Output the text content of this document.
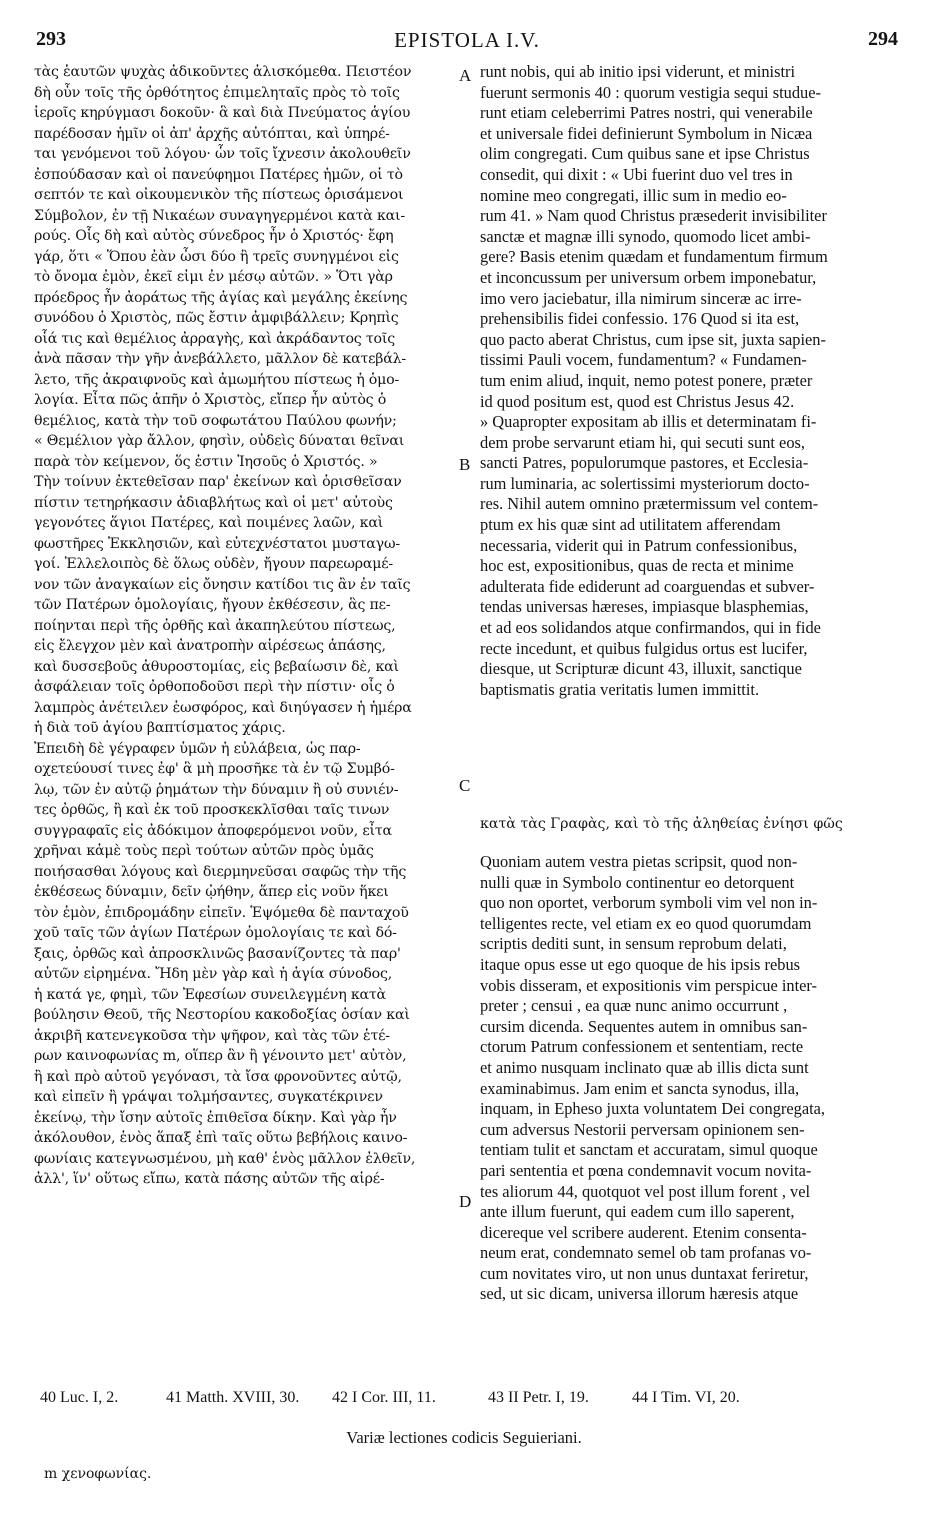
293	EPISTOLA I.V.	294
τὰς ἑαυτῶν ψυχὰς ἀδικοῦντες ἁλισκόμεθα. Πειστέον
δὴ οὖν τοῖς τῆς ὀρθότητος ἐπιμεληταῖς πρὸς τὸ τοῖς
ἱεροῖς κηρύγμασι δοκοῦν· ἃ καὶ διὰ Πνεύματος ἁγίου
παρέδοσαν ἡμῖν οἱ ἀπ' ἀρχῆς αὐτόπται, καὶ ὑπηρέ-
ται γενόμενοι τοῦ λόγου· ὧν τοῖς ἴχνεσιν ἀκολουθεῖν
ἐσπούδασαν καὶ οἱ πανεύφημοι Πατέρες ἡμῶν, οἱ τὸ
σεπτόν τε καὶ οἰκουμενικὸν τῆς πίστεως ὁρισάμενοι
Σύμβολον, ἐν τῇ Νικαέων συναγηγερμένοι κατὰ και-
ρούς. Οἷς δὴ καὶ αὐτὸς σύνεδρος ἦν ὁ Χριστός· ἔφη
γάρ, ὅτι « Ὅπου ἐὰν ὦσι δύο ἢ τρεῖς συνηγμένοι εἰς
τὸ ὄνομα ἐμὸν, ἐκεῖ εἰμι ἐν μέσῳ αὐτῶν. » Ὅτι γὰρ
πρόεδρος ἦν ἀοράτως τῆς ἁγίας καὶ μεγάλης ἐκείνης
συνόδου ὁ Χριστὸς, πῶς ἔστιν ἀμφιβάλλειν; Κρηπὶς
οἷά τις καὶ θεμέλιος ἀρραγὴς, καὶ ἀκράδαντος τοῖς
ἀνὰ πᾶσαν τὴν γῆν ἀνεβάλλετο, μᾶλλον δὲ κατεβάλ-
λετο, τῆς ἀκραιφνοῦς καὶ ἀμωμήτου πίστεως ἡ ὁμο-
λογία. Εἶτα πῶς ἀπῆν ὁ Χριστὸς, εἴπερ ἦν αὐτὸς ὁ
θεμέλιος, κατὰ τὴν τοῦ σοφωτάτου Παύλου φωνήν;
« Θεμέλιον γὰρ ἄλλον, φησὶν, οὐδεὶς δύναται θεῖναι
παρὰ τὸν κείμενον, ὅς ἐστιν Ἰησοῦς ὁ Χριστός. »
Τὴν τοίνυν ἐκτεθεῖσαν παρ' ἐκείνων καὶ ὁρισθεῖσαν
πίστιν τετηρήκασιν ἀδιαβλήτως καὶ οἱ μετ' αὐτοὺς
γεγονότες ἅγιοι Πατέρες, καὶ ποιμένες λαῶν, καὶ
φωστῆρες Ἐκκλησιῶν, καὶ εὐτεχνέστατοι μυσταγω-
γοί. Ἐλλελοιπὸς δὲ ὅλως οὐδὲν, ἤγουν παρεωραμέ-
νον τῶν ἀναγκαίων εἰς ὄνησιν κατίδοι τις ἂν ἐν ταῖς
τῶν Πατέρων ὁμολογίαις, ἤγουν ἐκθέσεσιν, ἃς πε-
ποίηνται περὶ τῆς ὀρθῆς καὶ ἀκαπηλεύτου πίστεως,
εἰς ἔλεγχον μὲν καὶ ἀνατροπὴν αἱρέσεως ἁπάσης,
καὶ δυσσεβοῦς ἀθυροστομίας, εἰς βεβαίωσιν δὲ, καὶ
ἀσφάλειαν τοῖς ὀρθοποδοῦσι περὶ τὴν πίστιν· οἷς ὁ
λαμπρὸς ἀνέτειλεν ἑωσφόρος, καὶ διηύγασεν ἡ ἡμέρα
ἡ διὰ τοῦ ἁγίου βαπτίσματος χάρις.
Ἐπειδὴ δὲ γέγραφεν ὑμῶν ἡ εὐλάβεια, ὡς παρ-
οχετεύουσί τινες ἐφ' ἃ μὴ προσῆκε τὰ ἐν τῷ Συμβό-
λῳ, τῶν ἐν αὐτῷ ῥημάτων τὴν δύναμιν ἢ οὐ συνιέν-
τες ὀρθῶς, ἢ καὶ ἐκ τοῦ προσκεκλῖσθαι ταῖς τινων
συγγραφαῖς εἰς ἀδόκιμον ἀποφερόμενοι νοῦν, εἶτα
χρῆναι κἀμὲ τοὺς περὶ τούτων αὐτῶν πρὸς ὑμᾶς
ποιήσασθαι λόγους καὶ διερμηνεῦσαι σαφῶς τὴν τῆς
ἐκθέσεως δύναμιν, δεῖν ᾠήθην, ἅπερ εἰς νοῦν ἥκει
τὸν ἐμὸν, ἐπιδρομάδην εἰπεῖν. Ἑψόμεθα δὲ πανταχοῦ
χοῦ ταῖς τῶν ἁγίων Πατέρων ὁμολογίαις τε καὶ δό-
ξαις, ὀρθῶς καὶ ἀπροσκλινῶς βασανίζοντες τὰ παρ'
αὐτῶν εἰρημένα. Ἤδη μὲν γὰρ καὶ ἡ ἁγία σύνοδος,
ἡ κατά γε, φημὶ, τῶν Ἐφεσίων συνειλεγμένη κατὰ
βούλησιν Θεοῦ, τῆς Νεστορίου κακοδοξίας ὁσίαν καὶ
ἀκριβῆ κατενεγκοῦσα τὴν ψῆφον, καὶ τὰς τῶν ἑτέ-
ρων καινοφωνίας m, οἵπερ ἂν ἢ γένοιντο μετ' αὐτὸν,
ἢ καὶ πρὸ αὐτοῦ γεγόνασι, τὰ ἴσα φρονοῦντες αὐτῷ,
καὶ εἰπεῖν ἢ γράψαι τολμήσαντες, συγκατέκρινεν
ἐκείνῳ, τὴν ἴσην αὐτοῖς ἐπιθεῖσα δίκην. Καὶ γὰρ ἦν
ἀκόλουθον, ἑνὸς ἅπαξ ἐπὶ ταῖς οὕτω βεβήλοις καινο-
φωνίαις κατεγνωσμένου, μὴ καθ' ἑνὸς μᾶλλον ἐλθεῖν,
ἀλλ', ἵν' οὕτως εἴπω, κατὰ πάσης αὐτῶν τῆς αἱρέ-
runt nobis, qui ab initio ipsi viderunt, et ministri
fuerunt sermonis 40 : quorum vestigia sequi studue-
runt etiam celeberrimi Patres nostri, qui venerabile
et universale fidei definierunt Symbolum in Nicæa
olim congregati. Cum quibus sane et ipse Christus
consedit, qui dixit : « Ubi fuerint duo vel tres in
nomine meo congregati, illic sum in medio eo-
rum 41. » Nam quod Christus præsederit invisibiliter
sanctæ et magnæ illi synodo, quomodo licet ambi-
gere? Basis etenim quædam et fundamentum firmum
et inconcussum per universum orbem imponebatur,
imo vero jaciebatur, illa nimirum sinceræ ac irre-
prehensibilis fidei confessio. 176 Quod si ita est,
quo pacto aberat Christus, cum ipse sit, juxta sapien-
tissimi Pauli vocem, fundamentum? « Fundamen-
tum enim aliud, inquit, nemo potest ponere, præter
id quod positum est, quod est Christus Jesus 42.
» Quapropter expositam ab illis et determinatam fi-
dem probe servarunt etiam hi, qui secuti sunt eos,
sancti Patres, populorumque pastores, et Ecclesia-
rum luminaria, ac solertissimi mysteriorum docto-
res. Nihil autem omnino prætermissum vel contem-
ptum ex his quæ sint ad utilitatem afferendam
necessaria, viderit qui in Patrum confessionibus,
hoc est, expositionibus, quas de recta et minime
adulterata fide ediderunt ad coarguendas et subver-
tendas universas hæreses, impiasque blasphemias,
et ad eos solidandos atque confirmandos, qui in fide
recte incedunt, et quibus fulgidus ortus est lucifer,
diesque, ut Scripturæ dicunt 43, illuxit, sanctique
baptismatis gratia veritatis lumen immittit.
κατὰ τὰς Γραφὰς, καὶ τὸ τῆς ἀληθείας ἐνίησι φῶς
Quoniam autem vestra pietas scripsit, quod non-
nulli quæ in Symbolo continentur eo detorquent
quo non oportet, verborum symboli vim vel non in-
telligentes recte, vel etiam ex eo quod quorumdam
scriptis dediti sunt, in sensum reprobum delati,
itaque opus esse ut ego quoque de his ipsis rebus
vobis disseram, et expositionis vim perspicue inter-
preter ; censui , ea quæ nunc animo occurrunt ,
cursim dicenda. Sequentes autem in omnibus san-
ctorum Patrum confessionem et sententiam, recte
et animo nusquam inclinato quæ ab illis dicta sunt
examinabimus. Jam enim et sancta synodus, illa,
inquam, in Epheso juxta voluntatem Dei congregata,
cum adversus Nestorii perversam opinionem sen-
tentiam tulit et sanctam et accuratam, simul quoque
pari sententia et pœna condemnavit vocum novita-
tes aliorum 44, quotquot vel post illum forent , vel
ante illum fuerunt, qui eadem cum illo saperent,
dicereque vel scribere auderent. Etenim consenta-
neum erat, condemnato semel ob tam profanas vo-
cum novitates viro, ut non unus duntaxat feriretur,
sed, ut sic dicam, universa illorum hæresis atque
A
B
C
D
40 Luc. I, 2.	41 Matth. XVIII, 30. 42 I Cor. III, 11.	43 II Petr. I, 19.	44 I Tim. VI, 20.
Variæ lectiones codicis Seguieriani.
m χενοφωνίας.
